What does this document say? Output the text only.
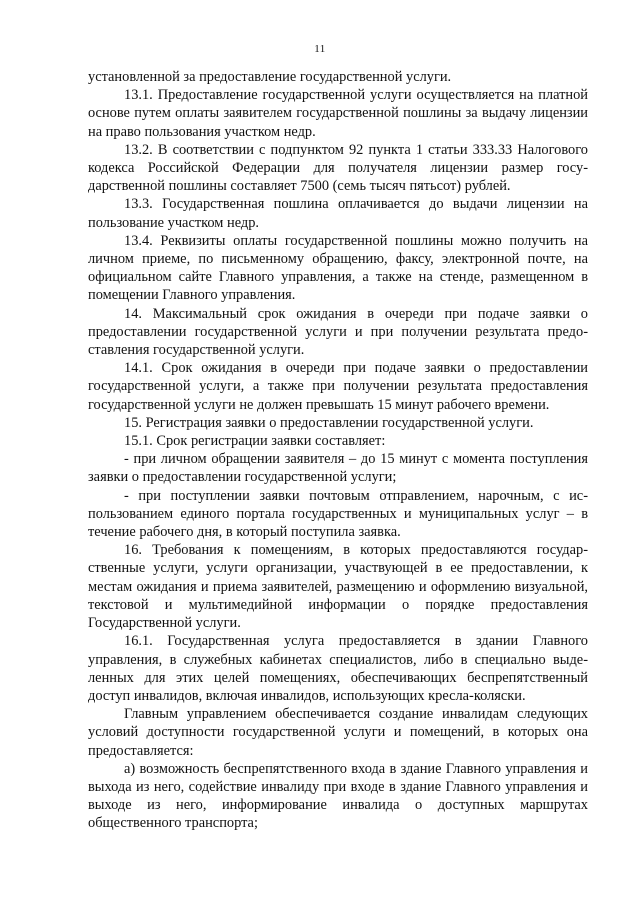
11

установленной за предоставление государственной услуги.

13.1. Предоставление государственной услуги осуществляется на платной основе путем оплаты заявителем государственной пошлины за выдачу лицензии на право пользования участком недр.

13.2. В соответствии с подпунктом 92 пункта 1 статьи 333.33 Налогового кодекса Российской Федерации для получателя лицензии размер государственной пошлины составляет 7500 (семь тысяч пятьсот) рублей.

13.3. Государственная пошлина оплачивается до выдачи лицензии на пользование участком недр.

13.4. Реквизиты оплаты государственной пошлины можно получить на личном приеме, по письменному обращению, факсу, электронной почте, на официальном сайте Главного управления, а также на стенде, размещенном в помещении Главного управления.

14. Максимальный срок ожидания в очереди при подаче заявки о предоставлении государственной услуги и при получении результата предоставления государственной услуги.

14.1. Срок ожидания в очереди при подаче заявки о предоставлении государственной услуги, а также при получении результата предоставления государственной услуги не должен превышать 15 минут рабочего времени.

15. Регистрация заявки о предоставлении государственной услуги.

15.1. Срок регистрации заявки составляет:

- при личном обращении заявителя – до 15 минут с момента поступления заявки о предоставлении государственной услуги;

- при поступлении заявки почтовым отправлением, нарочным, с использованием единого портала государственных и муниципальных услуг – в течение рабочего дня, в который поступила заявка.

16. Требования к помещениям, в которых предоставляются государственные услуги, услуги организации, участвующей в ее предоставлении, к местам ожидания и приема заявителей, размещению и оформлению визуальной, текстовой и мультимедийной информации о порядке предоставления Государственной услуги.

16.1. Государственная услуга предоставляется в здании Главного управления, в служебных кабинетах специалистов, либо в специально выделенных для этих целей помещениях, обеспечивающих беспрепятственный доступ инвалидов, включая инвалидов, использующих кресла-коляски.

Главным управлением обеспечивается создание инвалидам следующих условий доступности государственной услуги и помещений, в которых она предоставляется:

а) возможность беспрепятственного входа в здание Главного управления и выхода из него, содействие инвалиду при входе в здание Главного управления и выходе из него, информирование инвалида о доступных маршрутах общественного транспорта;
